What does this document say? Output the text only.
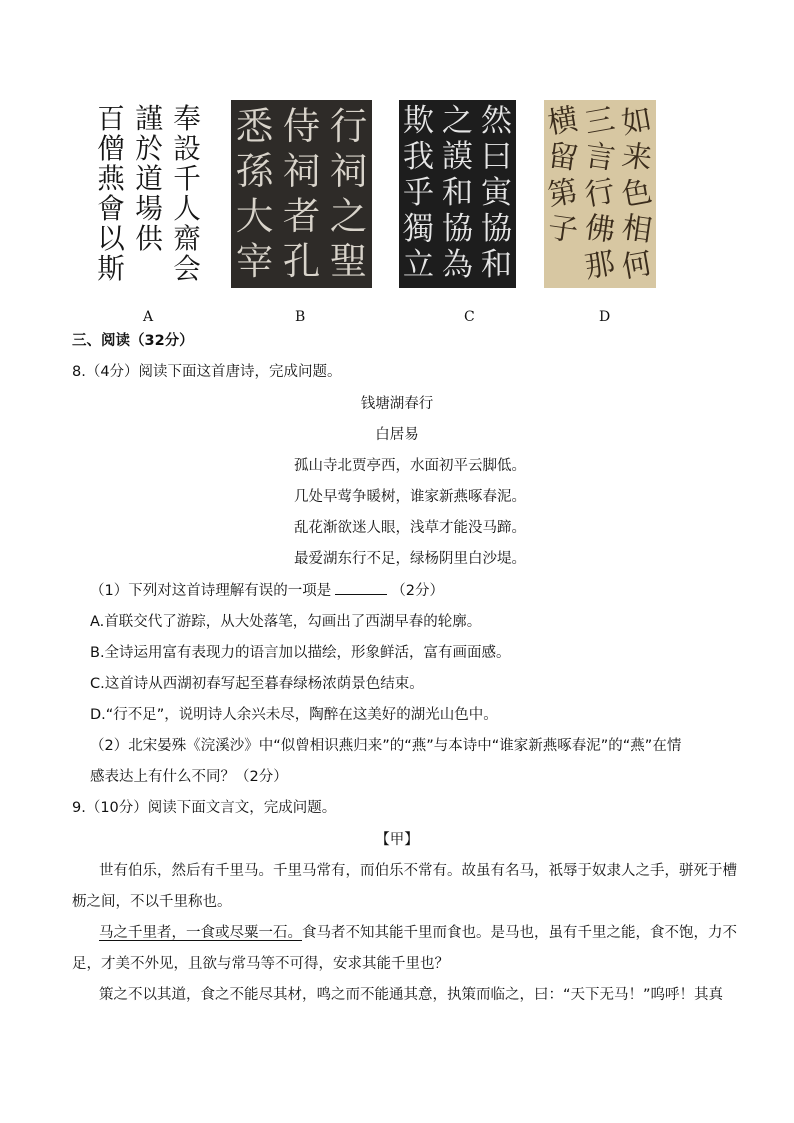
奉
設
千
人
齋
会
謹
於
道
場
供
百
僧
燕
會
以
斯
行
祠
之
聖
侍
祠
者
孔
悉
孫
大
宰
然
曰
寅
協
和
之
謨
和
協
為
欺
我
乎
獨
立
如
来
色
相
何
三
言
行
佛
那
横
留
第
子
A	B	C	D
三、阅读（32分）
8.（4分）阅读下面这首唐诗，完成问题。
钱塘湖春行
白居易
孤山寺北贾亭西，水面初平云脚低。
几处早莺争暖树，谁家新燕啄春泥。
乱花渐欲迷人眼，浅草才能没马蹄。
最爱湖东行不足，绿杨阴里白沙堤。
（1）下列对这首诗理解有误的一项是	（2分）
A.首联交代了游踪，从大处落笔，勾画出了西湖早春的轮廓。
B.全诗运用富有表现力的语言加以描绘，形象鲜活，富有画面感。
C.这首诗从西湖初春写起至暮春绿杨浓荫景色结束。
D.“行不足”，说明诗人余兴未尽，陶醉在这美好的湖光山色中。
（2）北宋晏殊《浣溪沙》中“似曾相识燕归来”的“燕”与本诗中“谁家新燕啄春泥”的“燕”在情
感表达上有什么不同？（2分）
9.（10分）阅读下面文言文，完成问题。
【甲】
世有伯乐，然后有千里马。千里马常有，而伯乐不常有。故虽有名马，祇辱于奴隶人之手，骈死于槽
枥之间，不以千里称也。
马之千里者，一食或尽粟一石。食马者不知其能千里而食也。是马也，虽有千里之能，食不饱，力不
足，才美不外见，且欲与常马等不可得，安求其能千里也？
策之不以其道，食之不能尽其材，鸣之而不能通其意，执策而临之，曰：“天下无马！”呜呼！其真
